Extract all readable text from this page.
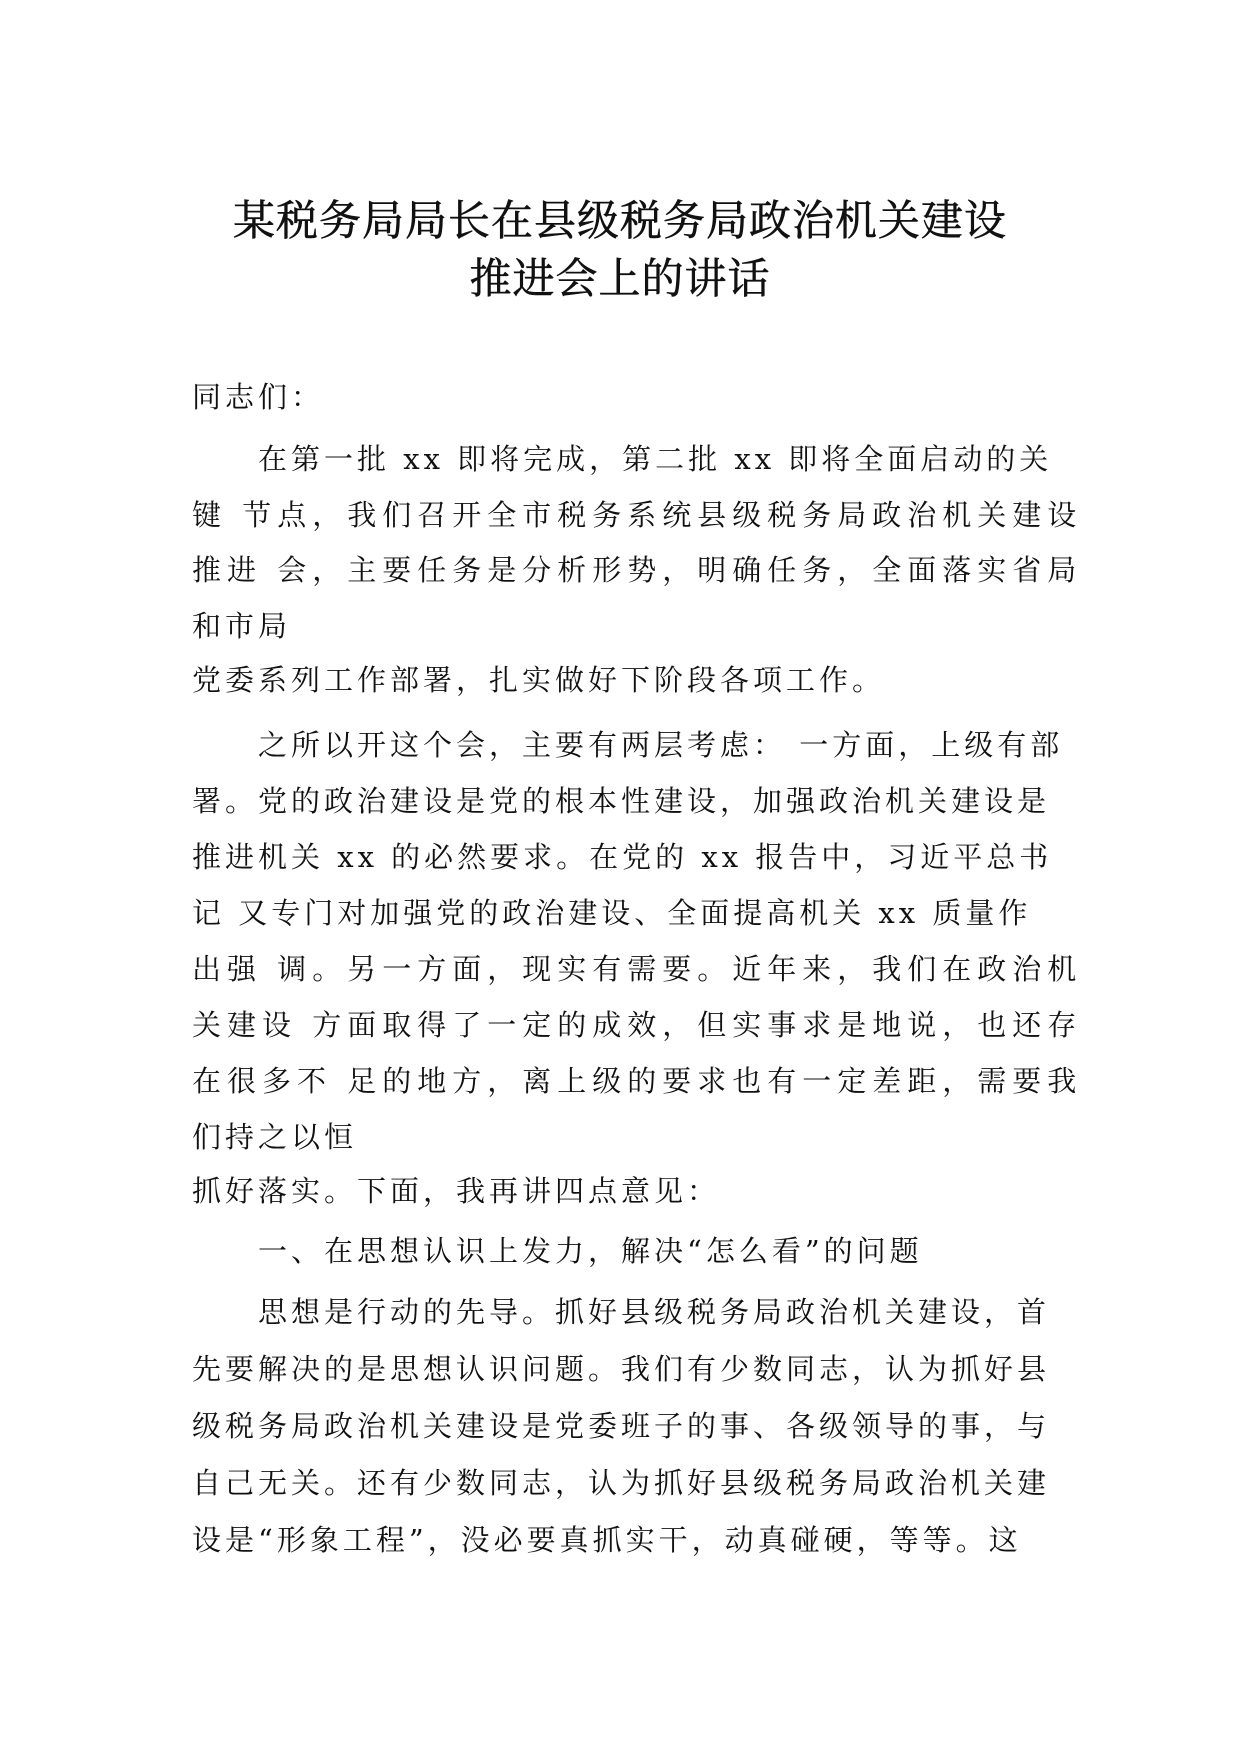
某税务局局长在县级税务局政治机关建设
推进会上的讲话
同志们：
在第一批 xx 即将完成，第二批 xx 即将全面启动的关
键 节点，我们召开全市税务系统县级税务局政治机关建设
推进 会，主要任务是分析形势，明确任务，全面落实省局
和市局
党委系列工作部署，扎实做好下阶段各项工作。
之所以开这个会，主要有两层考虑： 一方面，上级有部
署。党的政治建设是党的根本性建设，加强政治机关建设是
推进机关 xx 的必然要求。在党的 xx 报告中，习近平总书
记 又专门对加强党的政治建设、全面提高机关 xx 质量作
出强 调。另一方面，现实有需要。近年来，我们在政治机
关建设 方面取得了一定的成效，但实事求是地说，也还存
在很多不 足的地方，离上级的要求也有一定差距，需要我
们持之以恒
抓好落实。下面，我再讲四点意见：
一、在思想认识上发力，解决“怎么看”的问题
思想是行动的先导。抓好县级税务局政治机关建设，首
先要解决的是思想认识问题。我们有少数同志，认为抓好县
级税务局政治机关建设是党委班子的事、各级领导的事，与
自己无关。还有少数同志，认为抓好县级税务局政治机关建
设是“形象工程”，没必要真抓实干，动真碰硬，等等。这
